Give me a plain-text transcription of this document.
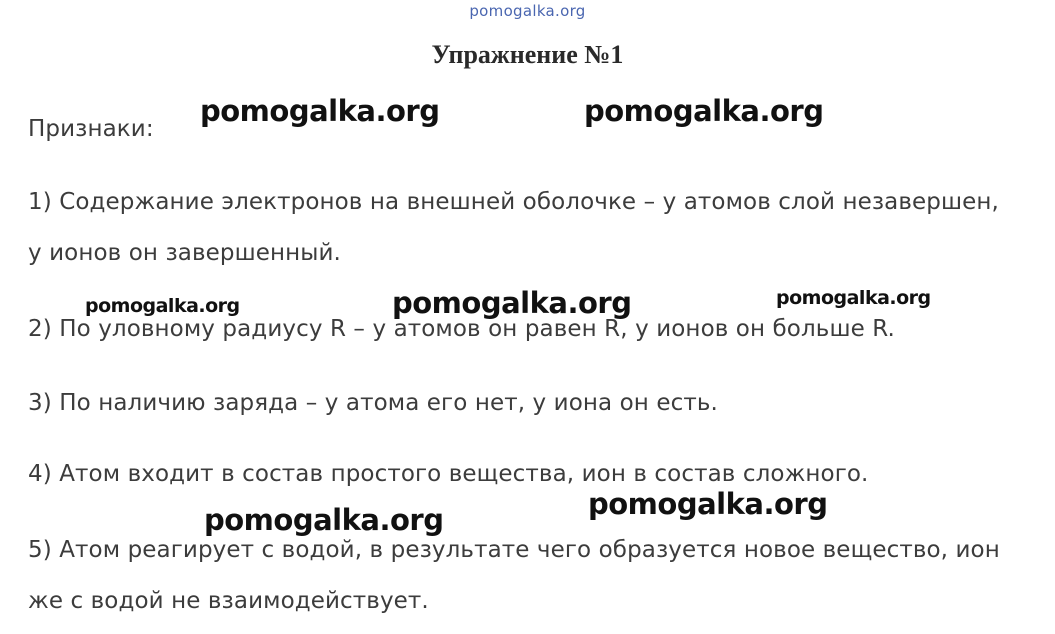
pomogalka.org
Упражнение №1
Признаки:
1) Содержание электронов на внешней оболочке – у атомов слой незавершен,
у ионов он завершенный.
2) По уловному радиусу R – у атомов он равен R, у ионов он больше R.
3) По наличию заряда – у атома его нет, у иона он есть.
4) Атом входит в состав простого вещества, ион в состав сложного.
5) Атом реагирует с водой, в результате чего образуется новое вещество, ион
же с водой не взаимодействует.
pomogalka.org	pomogalka.org
pomogalka.org	pomogalka.org	pomogalka.org
pomogalka.org
pomogalka.org
